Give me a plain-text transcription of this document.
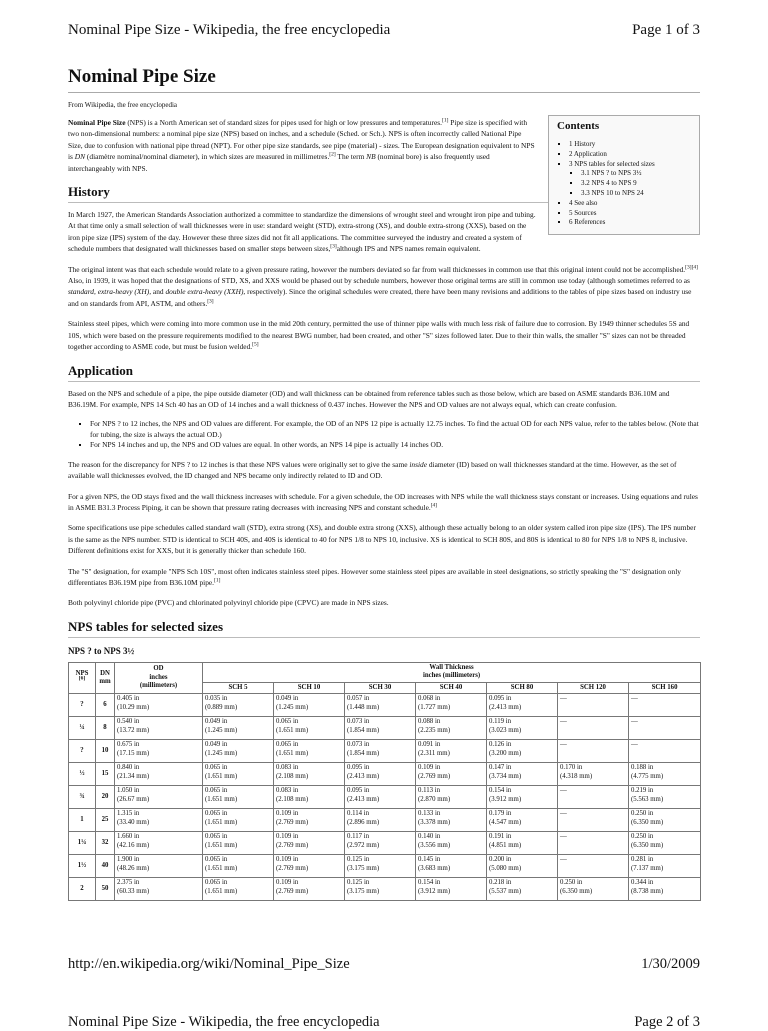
Nominal Pipe Size - Wikipedia, the free encyclopedia	Page 1 of 3
Nominal Pipe Size
From Wikipedia, the free encyclopedia
Contents
▪ 1 History
▪ 2 Application
▪ 3 NPS tables for selected sizes
▪ 3.1 NPS ? to NPS 3½
▪ 3.2 NPS 4 to NPS 9
▪ 3.3 NPS 10 to NPS 24
▪ 4 See also
▪ 5 Sources
▪ 6 References

Nominal Pipe Size (NPS) is a North American set of standard sizes for pipes used for high or low pressures and temperatures.[1] Pipe size is specified with two non-dimensional numbers: a nominal pipe size (NPS) based on inches, and a schedule (Sched. or Sch.). NPS is often incorrectly called National Pipe Size, due to confusion with national pipe thread (NPT). For other pipe size standards, see pipe (material) - sizes. The European designation equivalent to NPS is DN (diamètre nominal/nominal diameter), in which sizes are measured in millimetres.[2] The term NB (nominal bore) is also frequently used interchangeably with NPS.

History

In March 1927, the American Standards Association authorized a committee to standardize the dimensions of wrought steel and wrought iron pipe and tubing. At that time only a small selection of wall thicknesses were in use: standard weight (STD), extra-strong (XS), and double extra-strong (XXS), based on the iron pipe size (IPS) system of the day. However these three sizes did not fit all applications. The committee surveyed the industry and created a system of schedule numbers that designated wall thicknesses based on smaller steps between sizes,[3]although IPS and NPS names remain equivalent.

The original intent was that each schedule would relate to a given pressure rating, however the numbers deviated so far from wall thicknesses in common use that this original intent could not be accomplished.[3][4] Also, in 1939, it was hoped that the designations of STD, XS, and XXS would be phased out by schedule numbers, however those original terms are still in common use today (although sometimes referred to as standard, extra-heavy (XH), and double extra-heavy (XXH), respectively). Since the original schedules were created, there have been many revisions and additions to the tables of pipe sizes based on industry use and on standards from API, ASTM, and others.[3]

Stainless steel pipes, which were coming into more common use in the mid 20th century, permitted the use of thinner pipe walls with much less risk of failure due to corrosion. By 1949 thinner schedules 5S and 10S, which were based on the pressure requirements modified to the nearest BWG number, had been created, and other "S" sizes followed later. Due to their thin walls, the smaller "S" sizes can not be threaded together according to ASME code, but must be fusion welded.[5]

Application

Based on the NPS and schedule of a pipe, the pipe outside diameter (OD) and wall thickness can be obtained from reference tables such as those below, which are based on ASME standards B36.10M and B36.19M. For example, NPS 14 Sch 40 has an OD of 14 inches and a wall thickness of 0.437 inches. However the NPS and OD values are not always equal, which can create confusion.

▪ For NPS ? to 12 inches, the NPS and OD values are different. For example, the OD of an NPS 12 pipe is actually 12.75 inches. To find the actual OD for each NPS value, refer to the tables below. (Note that for tubing, the size is always the actual OD.)
▪ For NPS 14 inches and up, the NPS and OD values are equal. In other words, an NPS 14 pipe is actually 14 inches OD.

The reason for the discrepancy for NPS ? to 12 inches is that these NPS values were originally set to give the same inside diameter (ID) based on wall thicknesses standard at the time. However, as the set of available wall thicknesses evolved, the ID changed and NPS became only indirectly related to ID and OD.

For a given NPS, the OD stays fixed and the wall thickness increases with schedule. For a given schedule, the OD increases with NPS while the wall thickness stays constant or increases. Using equations and rules in ASME B31.3 Process Piping, it can be shown that pressure rating decreases with increasing NPS and constant schedule.[4]

Some specifications use pipe schedules called standard wall (STD), extra strong (XS), and double extra strong (XXS), although these actually belong to an older system called iron pipe size (IPS). The IPS number is the same as the NPS number. STD is identical to SCH 40S, and 40S is identical to 40 for NPS 1/8 to NPS 10, inclusive. XS is identical to SCH 80S, and 80S is identical to 80 for NPS 1/8 to NPS 8, inclusive. Different definitions exist for XXS, but it is generally thicker than schedule 160.

The "S" designation, for example "NPS Sch 10S", most often indicates stainless steel pipes. However some stainless steel pipes are available in steel designations, so strictly speaking the "S" designation only differentiates B36.19M pipe from B36.10M pipe.[1]

Both polyvinyl chloride pipe (PVC) and chlorinated polyvinyl chloride pipe (CPVC) are made in NPS sizes.

NPS tables for selected sizes
NPS ? to NPS 3½
NPS
[6]	DN
mm	OD
inches
(millimeters)	Wall Thickness
inches (millimeters)						
			SCH 5	SCH 10	SCH 30	SCH 40	SCH 80	SCH 120	SCH 160
?	6	0.405 in
(10.29 mm)	0.035 in
(0.889 mm)	0.049 in
(1.245 mm)	0.057 in
(1.448 mm)	0.068 in
(1.727 mm)	0.095 in
(2.413 mm)	—	—

¼	8	0.540 in
(13.72 mm)	0.049 in
(1.245 mm)	0.065 in
(1.651 mm)	0.073 in
(1.854 mm)	0.088 in
(2.235 mm)	0.119 in
(3.023 mm)	—	—

?	10	0.675 in
(17.15 mm)	0.049 in
(1.245 mm)	0.065 in
(1.651 mm)	0.073 in
(1.854 mm)	0.091 in
(2.311 mm)	0.126 in
(3.200 mm)	—	—

½	15	0.840 in
(21.34 mm)	0.065 in
(1.651 mm)	0.083 in
(2.108 mm)	0.095 in
(2.413 mm)	0.109 in
(2.769 mm)	0.147 in
(3.734 mm)	0.170 in
(4.318 mm)	0.188 in
(4.775 mm)
¾	20	1.050 in
(26.67 mm)	0.065 in
(1.651 mm)	0.083 in
(2.108 mm)	0.095 in
(2.413 mm)	0.113 in
(2.870 mm)	0.154 in
(3.912 mm)	—	0.219 in
(5.563 mm)
1	25	1.315 in
(33.40 mm)	0.065 in
(1.651 mm)	0.109 in
(2.769 mm)	0.114 in
(2.896 mm)	0.133 in
(3.378 mm)	0.179 in
(4.547 mm)	—	0.250 in
(6.350 mm)
1¼	32	1.660 in
(42.16 mm)	0.065 in
(1.651 mm)	0.109 in
(2.769 mm)	0.117 in
(2.972 mm)	0.140 in
(3.556 mm)	0.191 in
(4.851 mm)	—	0.250 in
(6.350 mm)
1½	40	1.900 in
(48.26 mm)	0.065 in
(1.651 mm)	0.109 in
(2.769 mm)	0.125 in
(3.175 mm)	0.145 in
(3.683 mm)	0.200 in
(5.080 mm)	—	0.281 in
(7.137 mm)
2	50	2.375 in
(60.33 mm)	0.065 in
(1.651 mm)	0.109 in
(2.769 mm)	0.125 in
(3.175 mm)	0.154 in
(3.912 mm)	0.218 in
(5.537 mm)	0.250 in
(6.350 mm)	0.344 in
(8.738 mm)
http://en.wikipedia.org/wiki/Nominal_Pipe_Size	1/30/2009
Nominal Pipe Size - Wikipedia, the free encyclopedia	Page 2 of 3
